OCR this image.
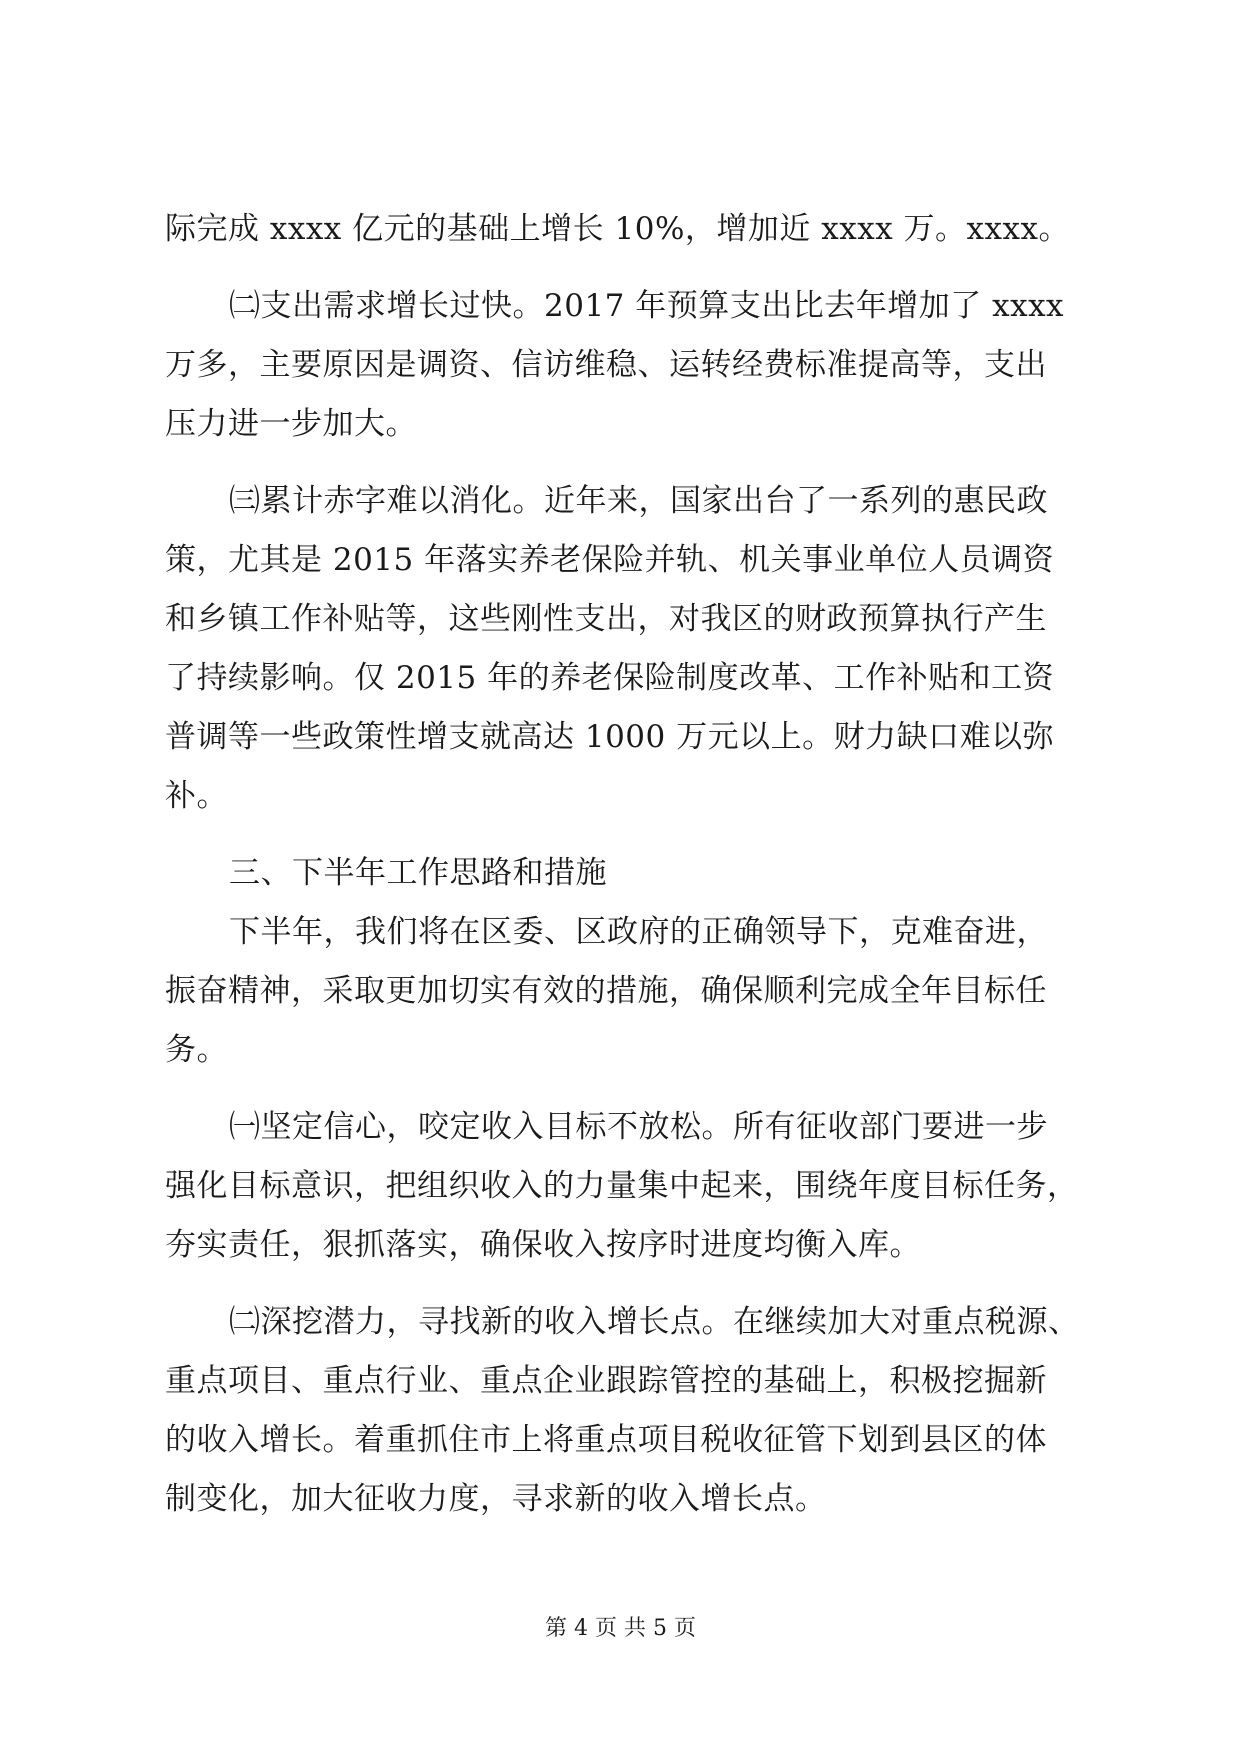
际完成 xxxx 亿元的基础上增长 10%，增加近 xxxx 万。xxxx。
㈡支出需求增长过快。2017 年预算支出比去年增加了 xxxx
万多，主要原因是调资、信访维稳、运转经费标准提高等，支出
压力进一步加大。
㈢累计赤字难以消化。近年来，国家出台了一系列的惠民政
策，尤其是 2015 年落实养老保险并轨、机关事业单位人员调资
和乡镇工作补贴等，这些刚性支出，对我区的财政预算执行产生
了持续影响。仅 2015 年的养老保险制度改革、工作补贴和工资
普调等一些政策性增支就高达 1000 万元以上。财力缺口难以弥
补。
三、下半年工作思路和措施
下半年，我们将在区委、区政府的正确领导下，克难奋进，
振奋精神，采取更加切实有效的措施，确保顺利完成全年目标任
务。
㈠坚定信心，咬定收入目标不放松。所有征收部门要进一步
强化目标意识，把组织收入的力量集中起来，围绕年度目标任务，
夯实责任，狠抓落实，确保收入按序时进度均衡入库。
㈡深挖潜力，寻找新的收入增长点。在继续加大对重点税源、
重点项目、重点行业、重点企业跟踪管控的基础上，积极挖掘新
的收入增长。着重抓住市上将重点项目税收征管下划到县区的体
制变化，加大征收力度，寻求新的收入增长点。
第 4 页 共 5 页
